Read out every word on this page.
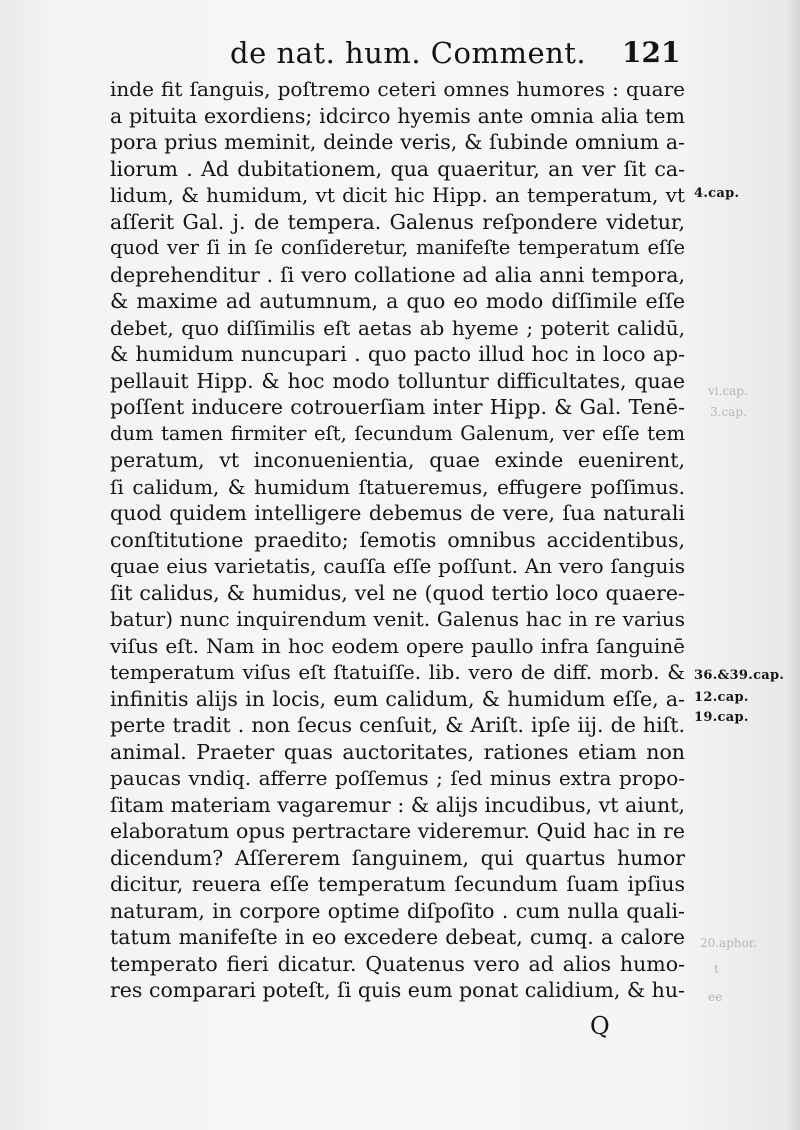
de nat. hum. Comment. 121
inde fit ſanguis, poſtremo ceteri omnes humores : quare
a pituita exordiens; idcirco hyemis ante omnia alia tem
pora prius meminit, deinde veris, & ſubinde omnium a-
liorum . Ad dubitationem, qua quaeritur, an ver ſit ca-
lidum, & humidum, vt dicit hic Hipp. an temperatum, vt
aſſerit Gal. j. de tempera. Galenus reſpondere videtur,
quod ver ſi in ſe conſideretur, manifeſte temperatum eſſe
deprehenditur . ſi vero collatione ad alia anni tempora,
& maxime ad autumnum, a quo eo modo diſſimile eſſe
debet, quo diſſimilis eſt aetas ab hyeme ; poterit calidū,
& humidum nuncupari . quo pacto illud hoc in loco ap-
pellauit Hipp. & hoc modo tolluntur difficultates, quae
poſſent inducere cotrouerſiam inter Hipp. & Gal. Tenē-
dum tamen firmiter eſt, ſecundum Galenum, ver eſſe tem
peratum, vt inconuenientia, quae exinde euenirent,
ſi calidum, & humidum ſtatueremus, effugere poſſimus.
quod quidem intelligere debemus de vere, ſua naturali
conſtitutione praedito; ſemotis omnibus accidentibus,
quae eius varietatis, cauſſa eſſe poſſunt. An vero ſanguis
ſit calidus, & humidus, vel ne (quod tertio loco quaere-
batur) nunc inquirendum venit. Galenus hac in re varius
viſus eſt. Nam in hoc eodem opere paullo infra ſanguinē
temperatum viſus eſt ſtatuiſſe. lib. vero de diff. morb. &
infinitis alijs in locis, eum calidum, & humidum eſſe, a-
perte tradit . non ſecus cenſuit, & Ariſt. ipſe iij. de hiſt.
animal. Praeter quas auctoritates, rationes etiam non
paucas vndiq. afferre poſſemus ; ſed minus extra propo-
ſitam materiam vagaremur : & alijs incudibus, vt aiunt,
elaboratum opus pertractare videremur. Quid hac in re
dicendum? Aſſererem ſanguinem, qui quartus humor
dicitur, reuera eſſe temperatum ſecundum ſuam ipſius
naturam, in corpore optime diſpoſito . cum nulla quali-
tatum manifeſte in eo excedere debeat, cumq. a calore
temperato fieri dicatur. Quatenus vero ad alios humo-
res comparari poteſt, ſi quis eum ponat calidium, & hu-
4.cap.
36.&39.cap.
12.cap.
19.cap.
vi.cap.
3.cap.
20.aphor.
t
ee
Q
